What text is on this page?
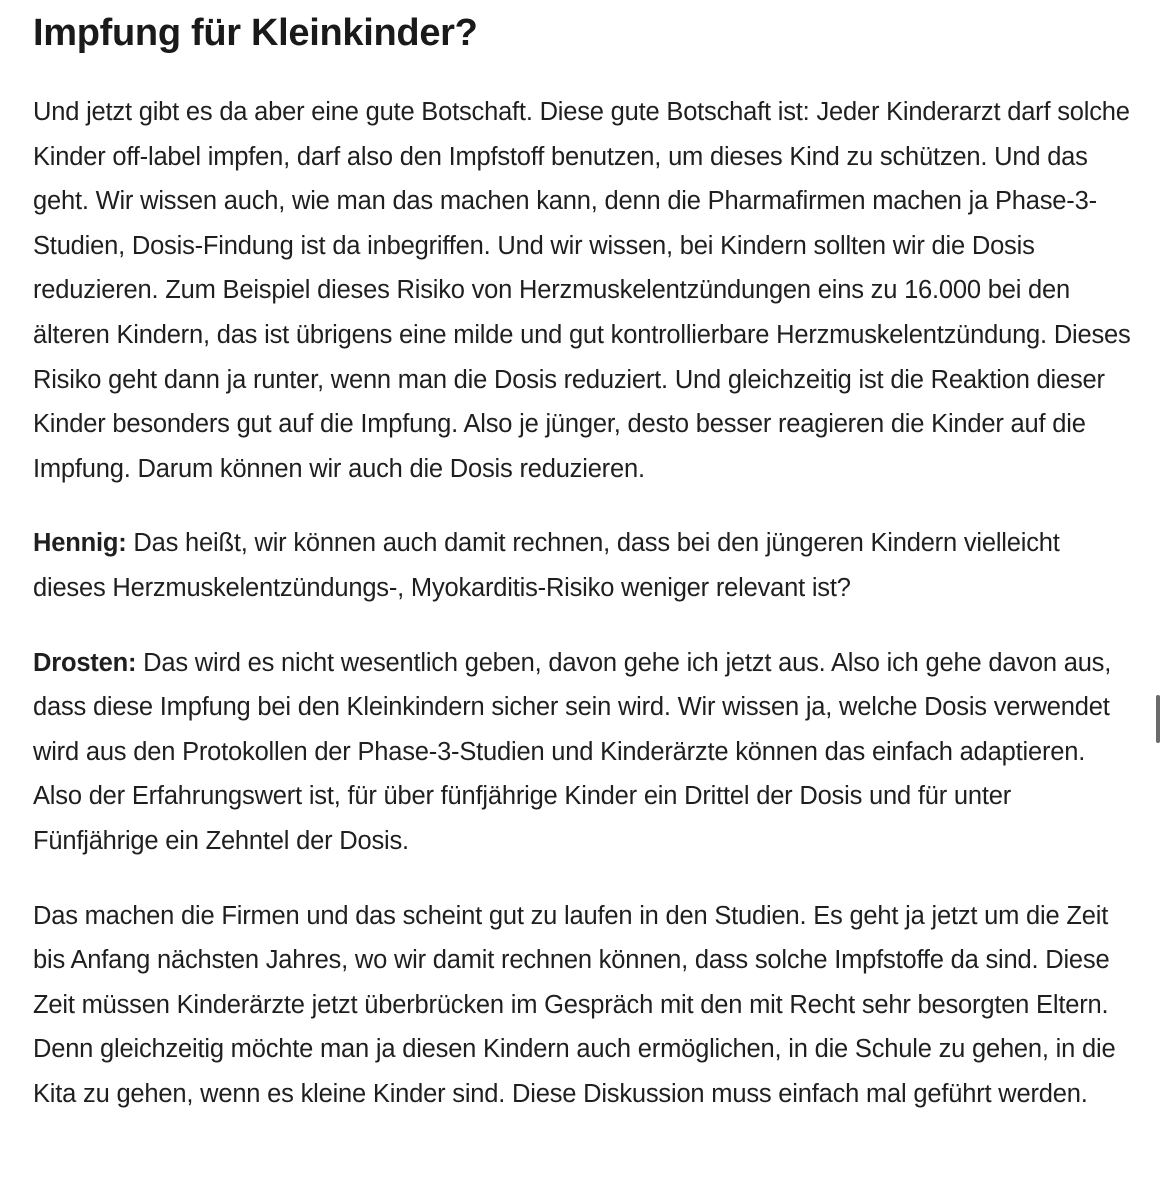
Impfung für Kleinkinder?

Und jetzt gibt es da aber eine gute Botschaft. Diese gute Botschaft ist: Jeder Kinderarzt darf solche Kinder off-label impfen, darf also den Impfstoff benutzen, um dieses Kind zu schützen. Und das geht. Wir wissen auch, wie man das machen kann, denn die Pharmafirmen machen ja Phase-3-Studien, Dosis-Findung ist da inbegriffen. Und wir wissen, bei Kindern sollten wir die Dosis reduzieren. Zum Beispiel dieses Risiko von Herzmuskelentzündungen eins zu 16.000 bei den älteren Kindern, das ist übrigens eine milde und gut kontrollierbare Herzmuskelentzündung. Dieses Risiko geht dann ja runter, wenn man die Dosis reduziert. Und gleichzeitig ist die Reaktion dieser Kinder besonders gut auf die Impfung. Also je jünger, desto besser reagieren die Kinder auf die Impfung. Darum können wir auch die Dosis reduzieren.

Hennig: Das heißt, wir können auch damit rechnen, dass bei den jüngeren Kindern vielleicht dieses Herzmuskelentzündungs-, Myokarditis-Risiko weniger relevant ist?

Drosten: Das wird es nicht wesentlich geben, davon gehe ich jetzt aus. Also ich gehe davon aus, dass diese Impfung bei den Kleinkindern sicher sein wird. Wir wissen ja, welche Dosis verwendet wird aus den Protokollen der Phase-3-Studien und Kinderärzte können das einfach adaptieren. Also der Erfahrungswert ist, für über fünfjährige Kinder ein Drittel der Dosis und für unter Fünfjährige ein Zehntel der Dosis.

Das machen die Firmen und das scheint gut zu laufen in den Studien. Es geht ja jetzt um die Zeit bis Anfang nächsten Jahres, wo wir damit rechnen können, dass solche Impfstoffe da sind. Diese Zeit müssen Kinderärzte jetzt überbrücken im Gespräch mit den mit Recht sehr besorgten Eltern. Denn gleichzeitig möchte man ja diesen Kindern auch ermöglichen, in die Schule zu gehen, in die Kita zu gehen, wenn es kleine Kinder sind. Diese Diskussion muss einfach mal geführt werden.
